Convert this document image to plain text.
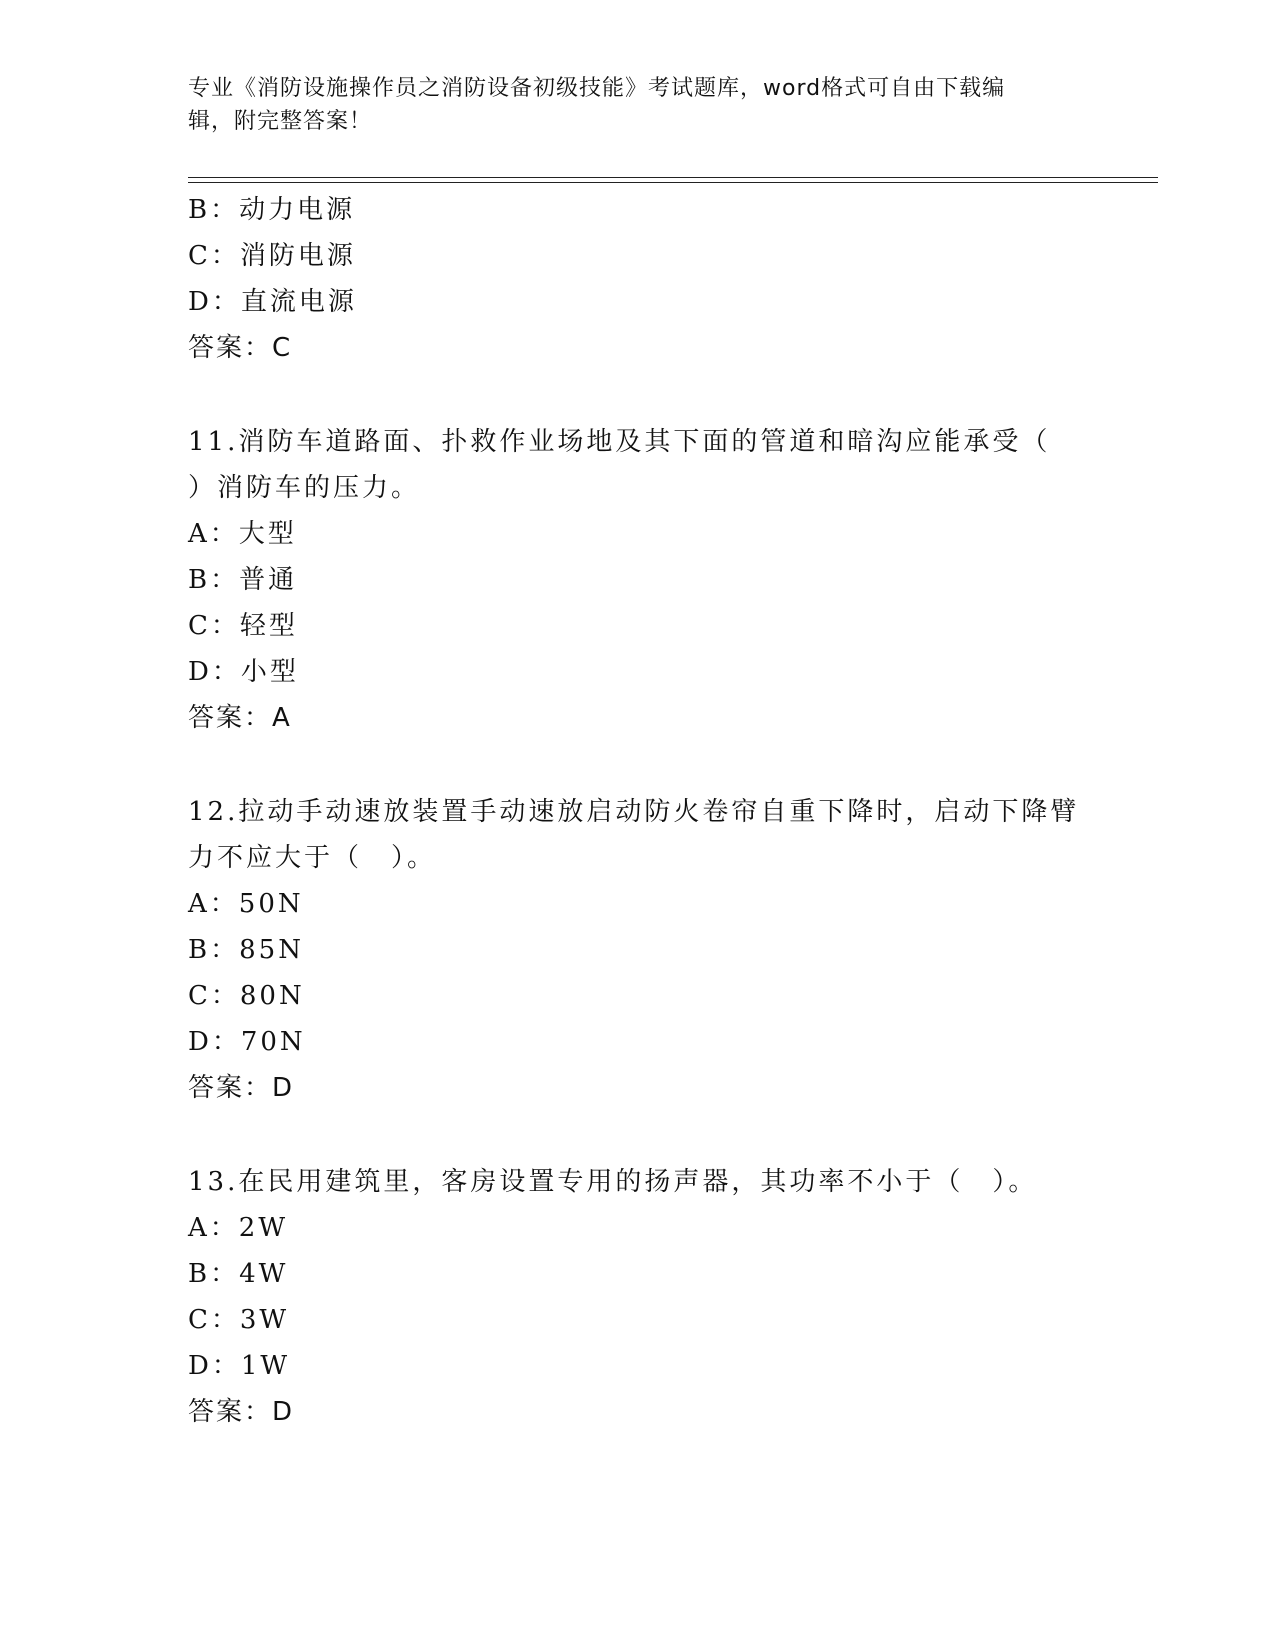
专业《消防设施操作员之消防设备初级技能》考试题库，word格式可自由下载编
辑，附完整答案！
B：动力电源
C：消防电源
D：直流电源
答案：C
11.消防车道路面、扑救作业场地及其下面的管道和暗沟应能承受（
）消防车的压力。
A：大型
B：普通
C：轻型
D：小型
答案：A
12.拉动手动速放装置手动速放启动防火卷帘自重下降时，启动下降臂
力不应大于（　）。
A：50N
B：85N
C：80N
D：70N
答案：D
13.在民用建筑里，客房设置专用的扬声器，其功率不小于（　）。
A：2W
B：4W
C：3W
D：1W
答案：D
